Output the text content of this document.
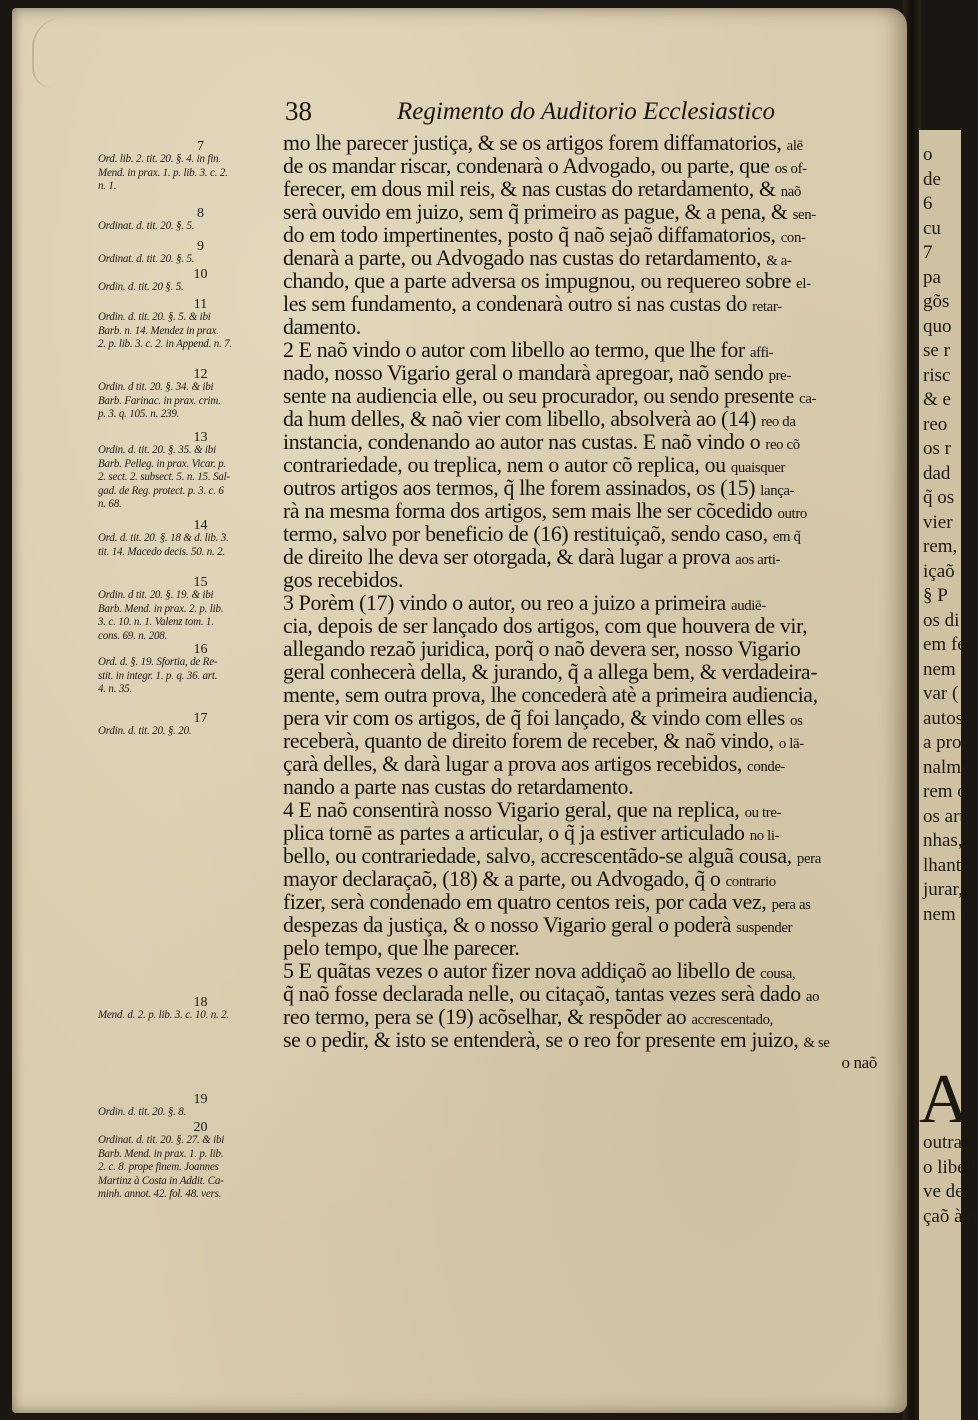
o
de
6
cu
7
pa
gõs
quo
se r
risc
& e
reo
os r
dad
q̃ os
vier
rem,
içaõ
§ P
os di
em fe
nem
var (
autos
a pro
nalme
rem o
os arti
nhas,
lhante
jurar,
nem fa
A
outras
o libell
ve de v
çaõ à p
38	Regimento do Auditorio Ecclesiastico
mo lhe parecer justiça, & se os artigos forem diffamatorios, alē
de os mandar riscar, condenarà o Advogado, ou parte, que os of-
ferecer, em dous mil reis, & nas custas do retardamento, & naõ
serà ouvido em juizo, sem q̃ primeiro as pague, & a pena, & sen-
do em todo impertinentes, posto q̃ naõ sejaõ diffamatorios, con-
denarà a parte, ou Advogado nas custas do retardamento, & a-
chando, que a parte adversa os impugnou, ou requereo sobre el-
les sem fundamento, a condenarà outro si nas custas do retar-
damento.
2 E naõ vindo o autor com libello ao termo, que lhe for affi-
nado, nosso Vigario geral o mandarà apregoar, naõ sendo pre-
sente na audiencia elle, ou seu procurador, ou sendo presente ca-
da hum delles, & naõ vier com libello, absolverà ao (14) reo da
instancia, condenando ao autor nas custas. E naõ vindo o reo cõ
contrariedade, ou treplica, nem o autor cõ replica, ou quaisquer
outros artigos aos termos, q̃ lhe forem assinados, os (15) lança-
rà na mesma forma dos artigos, sem mais lhe ser cõcedido outro
termo, salvo por beneficio de (16) restituiçaõ, sendo caso, em q̃
de direito lhe deva ser otorgada, & darà lugar a prova aos arti-
gos recebidos.
3 Porèm (17) vindo o autor, ou reo a juizo a primeira audiē-
cia, depois de ser lançado dos artigos, com que houvera de vir,
allegando rezaõ juridica, porq̃ o naõ devera ser, nosso Vigario
geral conhecerà della, & jurando, q̃ a allega bem, & verdadeira-
mente, sem outra prova, lhe concederà atè a primeira audiencia,
pera vir com os artigos, de q̃ foi lançado, & vindo com elles os
receberà, quanto de direito forem de receber, & naõ vindo, o lā-
çarà delles, & darà lugar a prova aos artigos recebidos, conde-
nando a parte nas custas do retardamento.
4 E naõ consentirà nosso Vigario geral, que na replica, ou tre-
plica tornē as partes a articular, o q̃ ja estiver articulado no li-
bello, ou contrariedade, salvo, accrescentãdo-se alguã cousa, pera
mayor declaraçaõ, (18) & a parte, ou Advogado, q̃ o contrario
fizer, serà condenado em quatro centos reis, por cada vez, pera as
despezas da justiça, & o nosso Vigario geral o poderà suspender
pelo tempo, que lhe parecer.
5 E quãtas vezes o autor fizer nova addiçaõ ao libello de cousa,
q̃ naõ fosse declarada nelle, ou citaçaõ, tantas vezes serà dado ao
reo termo, pera se (19) acõselhar, & respõder ao accrescentado,
se o pedir, & isto se entenderà, se o reo for presente em juizo, & se
o naõ
7
Ord. lib. 2. tit. 20. §. 4. in fin.
Mend. in prax. 1. p. lib. 3. c. 2.
n. 1.
8
Ordinat. d. tit. 20. §. 5.
9
Ordinat. d. tit. 20. §. 5.
10
Ordin. d. tit. 20 §. 5.
11
Ordin. d. tit. 20. §. 5. & ibi
Barb. n. 14. Mendez in prax.
2. p. lib. 3. c. 2. in Append. n. 7.
12
Ordin. d tit. 20. §. 34. & ibi
Barb. Farinac. in prax. crim.
p. 3. q. 105. n. 239.
13
Ordin. d. tit. 20. §. 35. & ibi
Barb. Pelleg. in prax. Vicar. p.
2. sect. 2. subsect. 5. n. 15. Sal-
gad. de Reg. protect. p. 3. c. 6
n. 68.
14
Ord. d. tit. 20. §. 18 & d. lib. 3.
tit. 14. Macedo decis. 50. n. 2.
15
Ordin. d tit. 20. §. 19. & ibi
Barb. Mend. in prax. 2. p. lib.
3. c. 10. n. 1. Valenz tom. 1.
cons. 69. n. 208.
16
Ord. d. §. 19. Sfortia, de Re-
stit. in integr. 1. p. q. 36. art.
4. n. 35.
17
Ordin. d. tit. 20. §. 20.
18
Mend. d. 2. p. lib. 3. c. 10. n. 2.
19
Ordin. d. tit. 20. §. 8.
20
Ordinat. d. tit. 20. §. 27. & ibi
Barb. Mend. in prax. 1. p. lib.
2. c. 8. prope finem. Joannes
Martinz à Costa in Addit. Ca-
minh. annot. 42. fol. 48. vers.
